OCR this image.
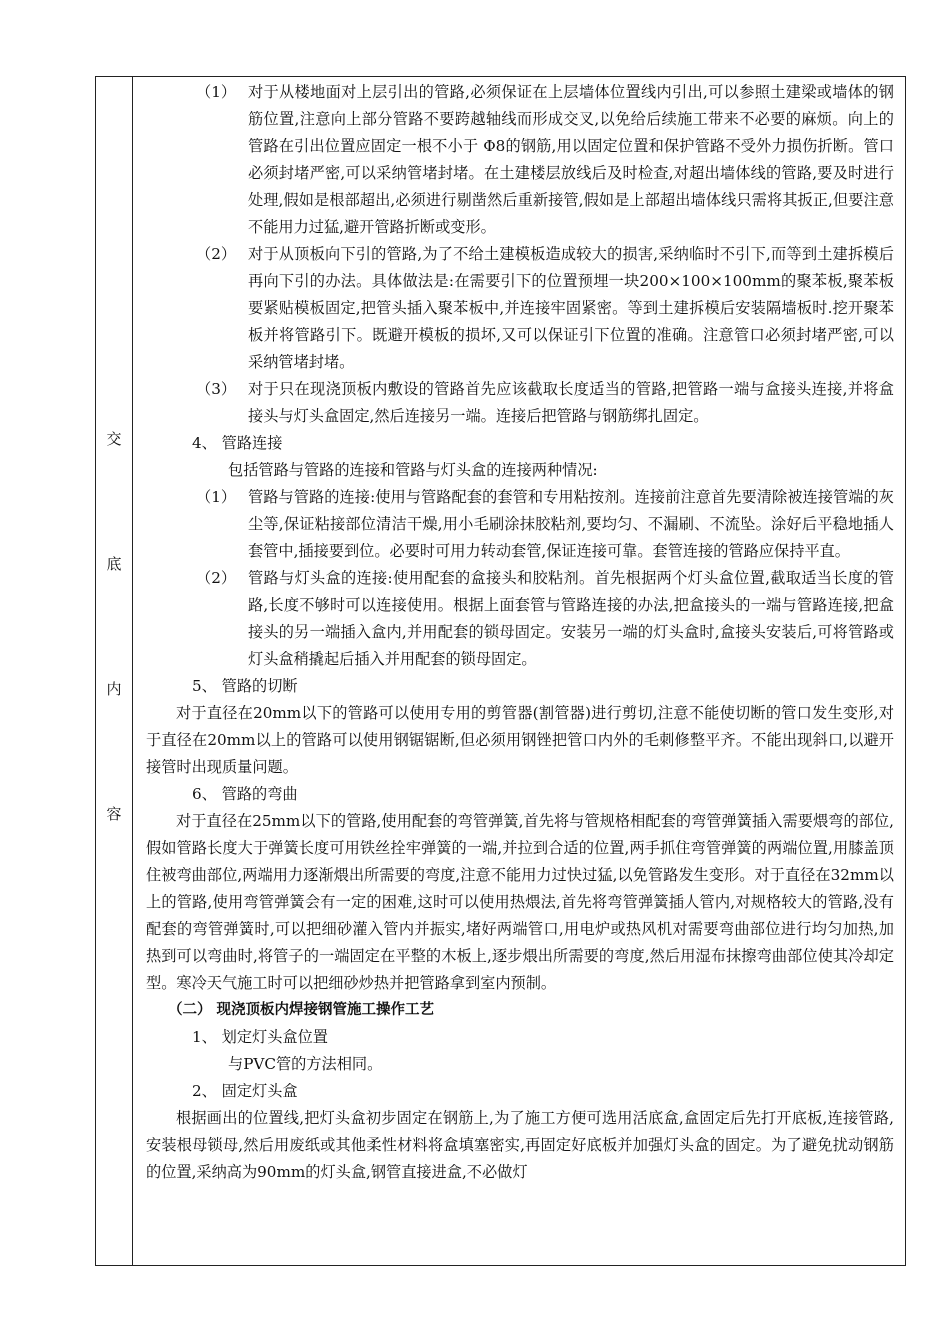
交
底
内
容
（1） 对于从楼地面对上层引出的管路,必须保证在上层墙体位置线内引出,可以参照土建梁或墙体的钢筋位置,注意向上部分管路不要跨越轴线而形成交叉,以免给后续施工带来不必要的麻烦。向上的管路在引出位置应固定一根不小于 Φ8的钢筋,用以固定位置和保护管路不受外力损伤折断。管口必须封堵严密,可以采纳管堵封堵。在土建楼层放线后及时检查,对超出墙体线的管路,要及时进行处理,假如是根部超出,必须进行剔凿然后重新接管,假如是上部超出墙体线只需将其扳正,但要注意不能用力过猛,避开管路折断或变形。
（2） 对于从顶板向下引的管路,为了不给土建模板造成较大的损害,采纳临时不引下,而等到土建拆模后再向下引的办法。具体做法是:在需要引下的位置预埋一块200×100×100mm的聚苯板,聚苯板要紧贴模板固定,把管头插入聚苯板中,并连接牢固紧密。等到土建拆模后安装隔墙板时.挖开聚苯板并将管路引下。既避开模板的损坏,又可以保证引下位置的准确。注意管口必须封堵严密,可以采纳管堵封堵。
（3） 对于只在现浇顶板内敷设的管路首先应该截取长度适当的管路,把管路一端与盒接头连接,并将盒接头与灯头盒固定,然后连接另一端。连接后把管路与钢筋绑扎固定。
4、 管路连接
包括管路与管路的连接和管路与灯头盒的连接两种情况:
（1） 管路与管路的连接:使用与管路配套的套管和专用粘按剂。连接前注意首先要清除被连接管端的灰尘等,保证粘接部位清洁干燥,用小毛刷涂抹胶粘剂,要均匀、不漏刷、不流坠。涂好后平稳地插人套管中,插接要到位。必要时可用力转动套管,保证连接可靠。套管连接的管路应保持平直。
（2） 管路与灯头盒的连接:使用配套的盒接头和胶粘剂。首先根据两个灯头盒位置,截取适当长度的管路,长度不够时可以连接使用。根据上面套管与管路连接的办法,把盒接头的一端与管路连接,把盒接头的另一端插入盒内,并用配套的锁母固定。安装另一端的灯头盒时,盒接头安装后,可将管路或灯头盒稍撬起后插入并用配套的锁母固定。
5、 管路的切断
对于直径在20mm以下的管路可以使用专用的剪管器(割管器)进行剪切,注意不能使切断的管口发生变形,对于直径在20mm以上的管路可以使用钢锯锯断,但必须用钢锉把管口内外的毛刺修整平齐。不能出现斜口,以避开接管时出现质量问题。
6、 管路的弯曲
对于直径在25mm以下的管路,使用配套的弯管弹簧,首先将与管规格相配套的弯管弹簧插入需要煨弯的部位,假如管路长度大于弹簧长度可用铁丝拴牢弹簧的一端,并拉到合适的位置,两手抓住弯管弹簧的两端位置,用膝盖顶住被弯曲部位,两端用力逐渐煨出所需要的弯度,注意不能用力过快过猛,以免管路发生变形。对于直径在32mm以上的管路,使用弯管弹簧会有一定的困难,这时可以使用热煨法,首先将弯管弹簧插人管内,对规格较大的管路,没有配套的弯管弹簧时,可以把细砂灌入管内并振实,堵好两端管口,用电炉或热风机对需要弯曲部位进行均匀加热,加热到可以弯曲时,将管子的一端固定在平整的木板上,逐步煨出所需要的弯度,然后用湿布抹擦弯曲部位使其冷却定型。寒冷天气施工时可以把细砂炒热并把管路拿到室内预制。
（二） 现浇顶板内焊接钢管施工操作工艺
1、 划定灯头盒位置
与PVC管的方法相同。
2、 固定灯头盒
根据画出的位置线,把灯头盒初步固定在钢筋上,为了施工方便可选用活底盒,盒固定后先打开底板,连接管路,安装根母锁母,然后用废纸或其他柔性材料将盒填塞密实,再固定好底板并加强灯头盒的固定。为了避免扰动钢筋的位置,采纳高为90mm的灯头盒,钢管直接进盒,不必做灯
